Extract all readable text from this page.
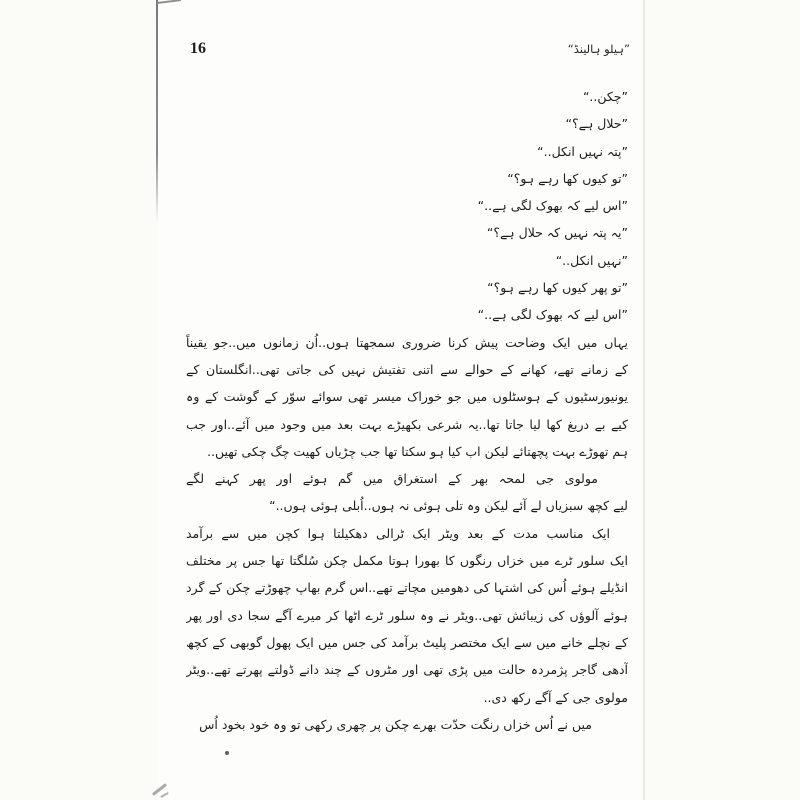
16	”ہیلو ہالینڈ“
”چکن..“
”حلال ہے؟“
”پتہ نہیں انکل..“
”تو کیوں کھا رہے ہو؟“
”اس لیے کہ بھوک لگی ہے..“
”یہ پتہ نہیں کہ حلال ہے؟“
”نہیں انکل..“
”تو پھر کیوں کھا رہے ہو؟“
”اس لیے کہ بھوک لگی ہے..“
یہاں میں ایک وضاحت پیش کرنا ضروری سمجھتا ہوں..اُن زمانوں میں..جو یقیناً
کے زمانے تھے، کھانے کے حوالے سے اتنی تفتیش نہیں کی جاتی تھی..انگلستان کے
یونیورسٹیوں کے ہوسٹلوں میں جو خوراک میسر تھی سوائے سوّر کے گوشت کے وہ
کیے بے دریغ کھا لیا جاتا تھا..یہ شرعی بکھیڑے بہت بعد میں وجود میں آئے..اور جب
ہم تھوڑے بہت پچھتائے لیکن اب کیا ہو سکتا تھا جب چڑیاں کھیت چگ چکی تھیں..
مولوی جی لمحہ بھر کے استغراق میں گم ہوئے اور پھر کہنے لگے
لیے کچھ سبزیاں لے آئے لیکن وہ تلی ہوئی نہ ہوں..اُبلی ہوئی ہوں..“
ایک مناسب مدت کے بعد ویٹر ایک ٹرالی دھکیلتا ہوا کچن میں سے برآمد
ایک سلور ٹرے میں خزاں رنگوں کا بھورا ہوتا مکمل چکن سُلگتا تھا جس پر مختلف
انڈیلے ہوئے اُس کی اشتہا کی دھومیں مچاتے تھے..اس گرم بھاپ چھوڑتے چکن کے گرد
ہوئے آلوؤں کی زیبائش تھی..ویٹر نے وہ سلور ٹرے اٹھا کر میرے آگے سجا دی اور پھر
کے نچلے خانے میں سے ایک مختصر پلیٹ برآمد کی جس میں ایک پھول گوبھی کے کچھ
آدھی گاجر پژمردہ حالت میں پڑی تھی اور مٹروں کے چند دانے ڈولتے پھرتے تھے..ویٹر
مولوی جی کے آگے رکھ دی..
میں نے اُس خزاں رنگت حدّت بھرے چکن پر چھری رکھی تو وہ خود بخود اُس
